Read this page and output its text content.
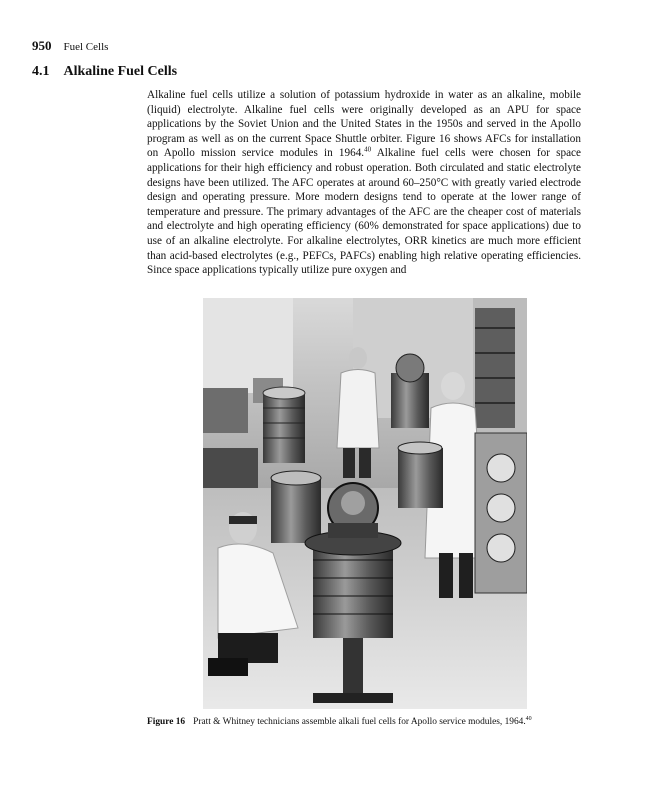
950 Fuel Cells
4.1 Alkaline Fuel Cells

Alkaline fuel cells utilize a solution of potassium hydroxide in water as an alkaline, mobile (liquid) electrolyte. Alkaline fuel cells were originally developed as an APU for space applications by the Soviet Union and the United States in the 1950s and served in the Apollo program as well as on the current Space Shuttle orbiter. Figure 16 shows AFCs for installation on Apollo mission service modules in 1964.40 Alkaline fuel cells were chosen for space applications for their high efficiency and robust operation. Both circulated and static electrolyte designs have been utilized. The AFC operates at around 60–250°C with greatly varied electrode design and operating pressure. More modern designs tend to operate at the lower range of temperature and pressure. The primary advantages of the AFC are the cheaper cost of materials and electrolyte and high operating efficiency (60% demonstrated for space applications) due to use of an alkaline electrolyte. For alkaline electrolytes, ORR kinetics are much more efficient than acid-based electrolytes (e.g., PEFCs, PAFCs) enabling high relative operating efficiencies. Since space applications typically utilize pure oxygen and

Figure 16 Pratt & Whitney technicians assemble alkali fuel cells for Apollo service modules, 1964.40
